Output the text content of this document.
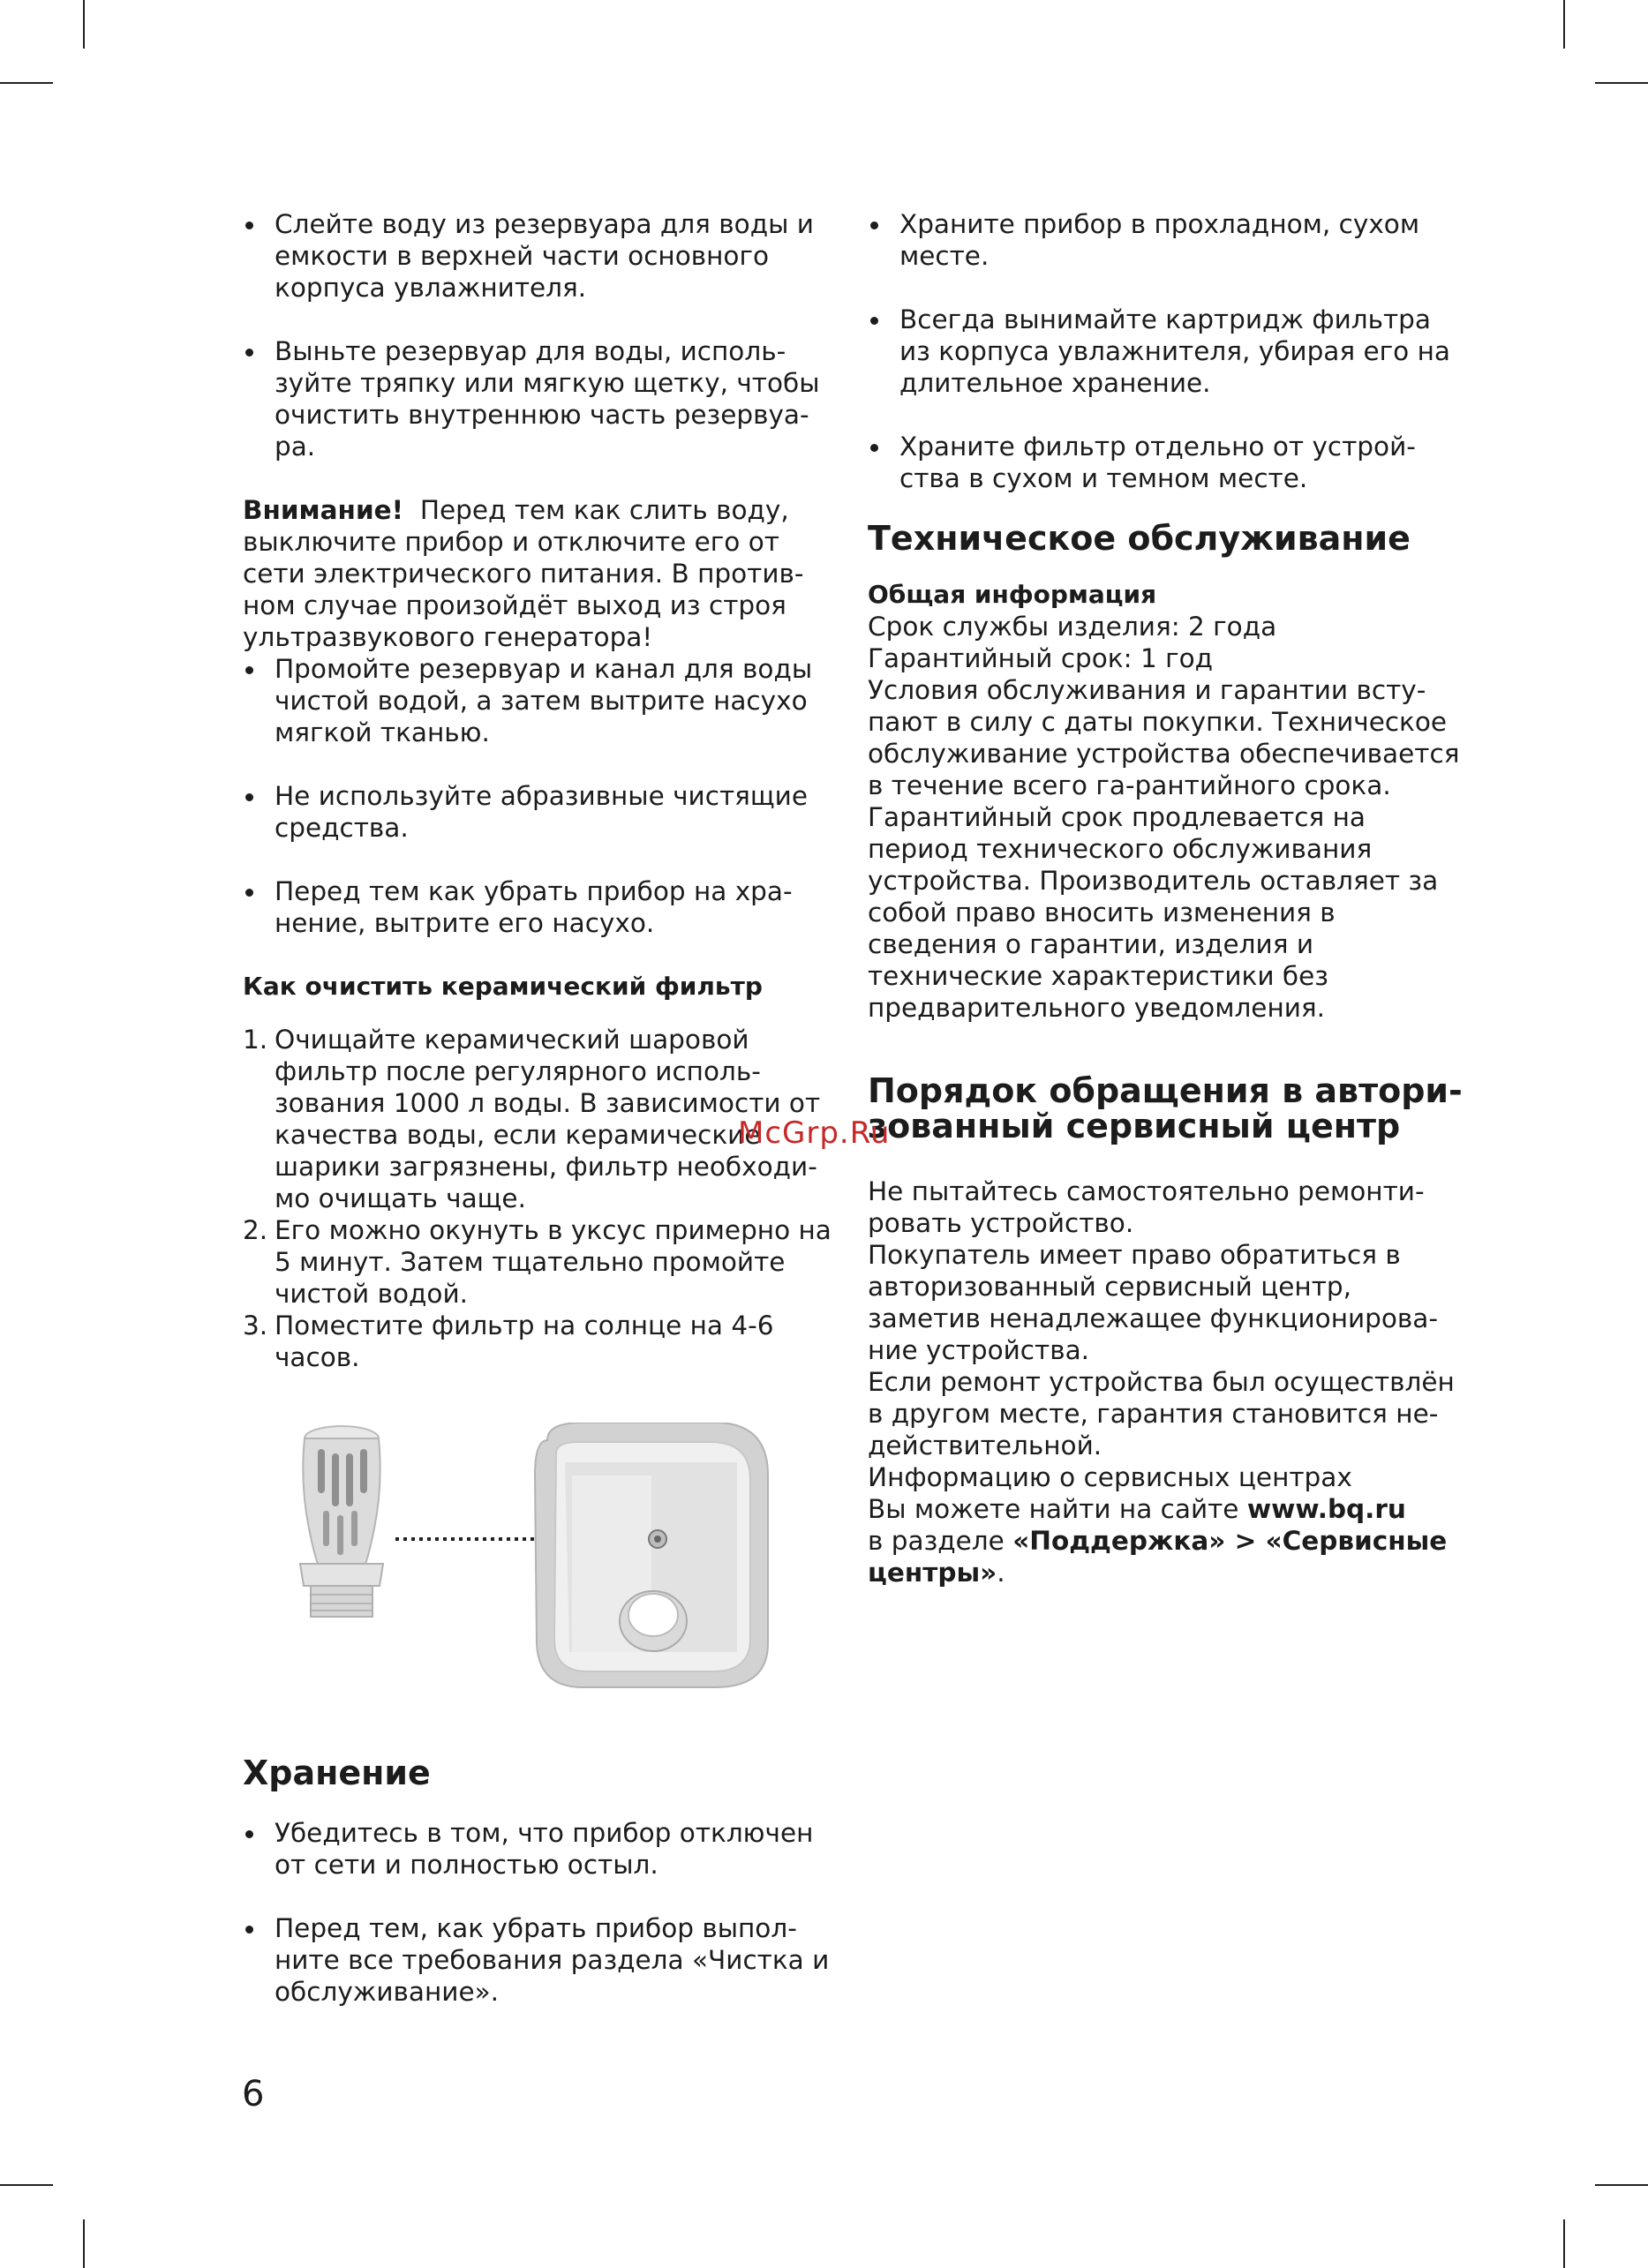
Слейте воду из резервуара для воды и емкости в верхней части основного корпуса увлажнителя.
Выньте резервуар для воды, исполь-зуйте тряпку или мягкую щетку, чтобы очистить внутреннюю часть резервуа-ра.

Внимание! Перед тем как слить воду, выключите прибор и отключите его от сети электрического питания. В против-ном случае произойдёт выход из строя ультразвукового генератора!

Промойте резервуар и канал для воды чистой водой, а затем вытрите насухо мягкой тканью.
Не используйте абразивные чистящие средства.
Перед тем как убрать прибор на хра-нение, вытрите его насухо.
Как очистить керамический фильтр
1. Очищайте керамический шаровой фильтр после регулярного исполь-зования 1000 л воды. В зависимости от качества воды, если керамические шарики загрязнены, фильтр необходи-мо очищать чаще.
2. Его можно окунуть в уксус примерно на 5 минут. Затем тщательно промойте чистой водой.
3. Поместите фильтр на солнце на 4-6 часов.
Хранение
Убедитесь в том, что прибор отключен от сети и полностью остыл.
Перед тем, как убрать прибор выпол-ните все требования раздела «Чистка и обслуживание».
Храните прибор в прохладном, сухом месте.
Всегда вынимайте картридж фильтра из корпуса увлажнителя, убирая его на длительное хранение.
Храните фильтр отдельно от устрой-ства в сухом и темном месте.
Техническое обслуживание
Общая информация

Срок службы изделия: 2 года

Гарантийный срок: 1 год

Условия обслуживания и гарантии всту-пают в силу с даты покупки. Техническое обслуживание устройства обеспечивается в течение всего га-рантийного срока. Гарантийный срок продлевается на период технического обслуживания устройства. Производитель оставляет за собой право вносить изменения в сведения о гарантии, изделия и технические характеристики без предварительного уведомления.

Порядок обращения в автори-зованный сервисный центр

Не пытайтесь самостоятельно ремонти-ровать устройство.

Покупатель имеет право обратиться в авторизованный сервисный центр, заметив ненадлежащее функционирова-ние устройства.

Если ремонт устройства был осуществлён в другом месте, гарантия становится не-действительной.

Информацию о сервисных центрах

Вы можете найти на сайте www.bq.ru

в разделе «Поддержка» > «Сервисные центры».

McGrp.Ru
6
